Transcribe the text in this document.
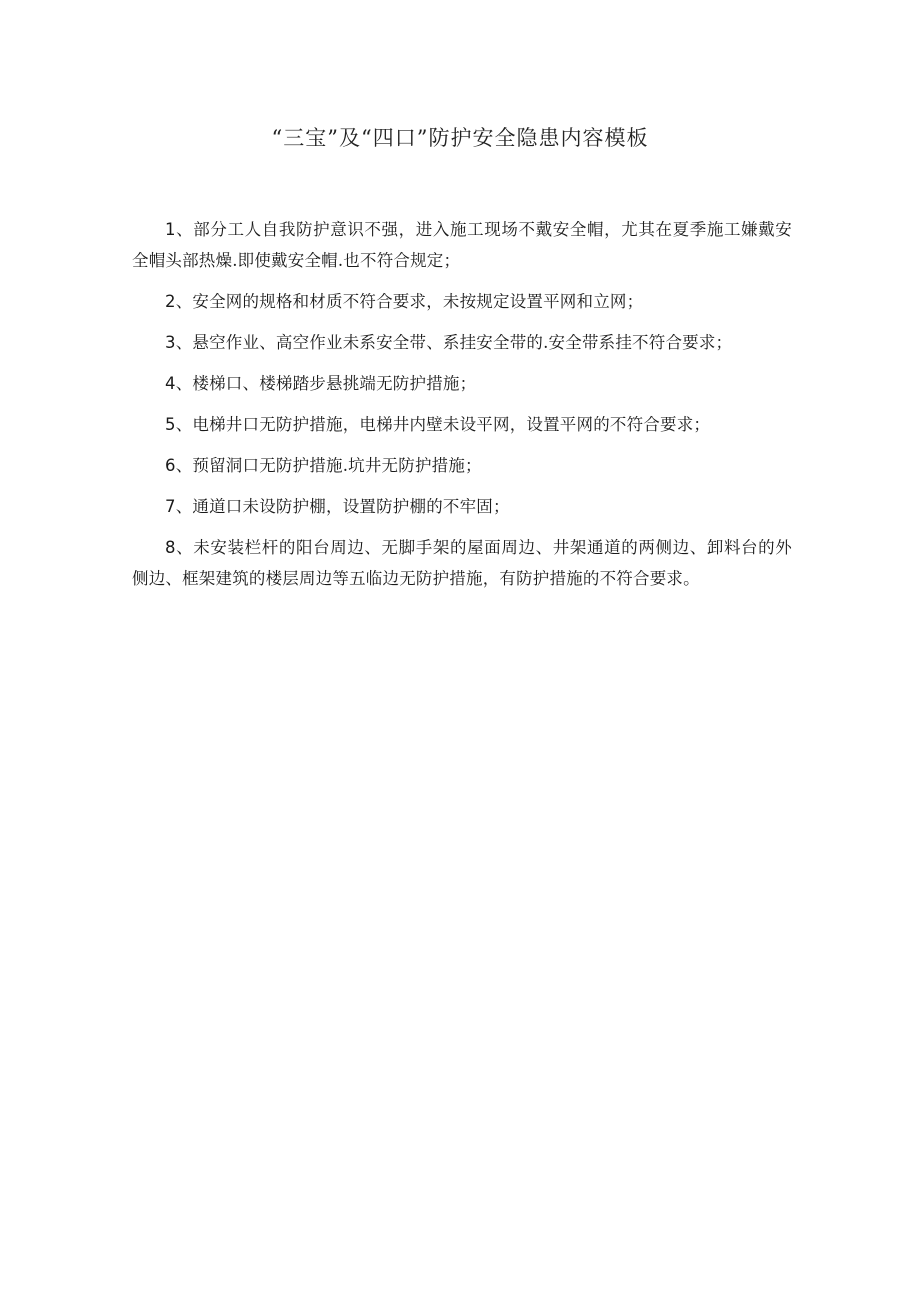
“三宝”及“四口”防护安全隐患内容模板

1、部分工人自我防护意识不强，进入施工现场不戴安全帽，尤其在夏季施工嫌戴安全帽头部热燥.即使戴安全帽.也不符合规定；

2、安全网的规格和材质不符合要求，未按规定设置平网和立网；

3、悬空作业、高空作业未系安全带、系挂安全带的.安全带系挂不符合要求；

4、楼梯口、楼梯踏步悬挑端无防护措施；

5、电梯井口无防护措施，电梯井内壁未设平网，设置平网的不符合要求；

6、预留洞口无防护措施.坑井无防护措施；

7、通道口未设防护棚，设置防护棚的不牢固；

8、未安装栏杆的阳台周边、无脚手架的屋面周边、井架通道的两侧边、卸料台的外侧边、框架建筑的楼层周边等五临边无防护措施，有防护措施的不符合要求。
